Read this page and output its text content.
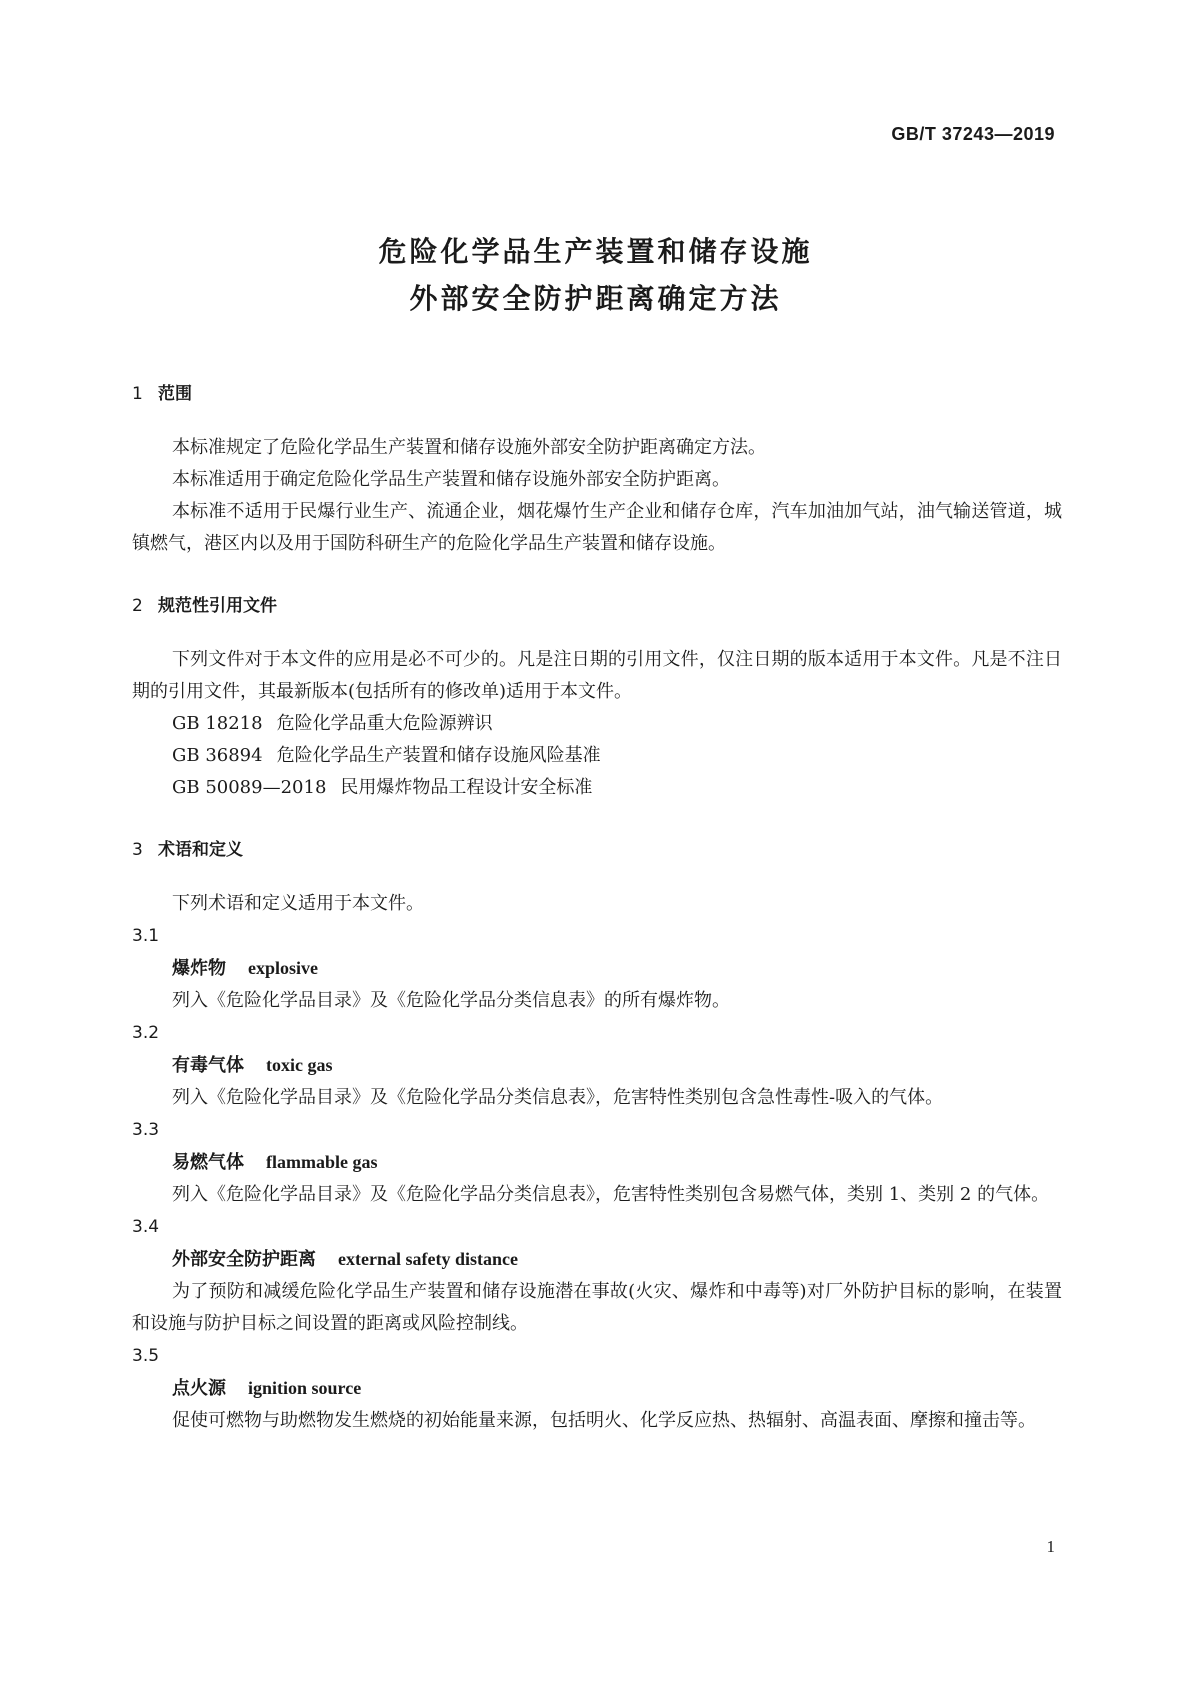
GB/T 37243—2019
危险化学品生产装置和储存设施
外部安全防护距离确定方法
1 范围

本标准规定了危险化学品生产装置和储存设施外部安全防护距离确定方法。

本标准适用于确定危险化学品生产装置和储存设施外部安全防护距离。

本标准不适用于民爆行业生产、流通企业，烟花爆竹生产企业和储存仓库，汽车加油加气站，油气输送管道，城镇燃气，港区内以及用于国防科研生产的危险化学品生产装置和储存设施。

2 规范性引用文件

下列文件对于本文件的应用是必不可少的。凡是注日期的引用文件，仅注日期的版本适用于本文件。凡是不注日期的引用文件，其最新版本(包括所有的修改单)适用于本文件。

GB 18218 危险化学品重大危险源辨识

GB 36894 危险化学品生产装置和储存设施风险基准

GB 50089—2018 民用爆炸物品工程设计安全标准

3 术语和定义

下列术语和定义适用于本文件。

3.1

爆炸物 explosive

列入《危险化学品目录》及《危险化学品分类信息表》的所有爆炸物。

3.2

有毒气体 toxic gas

列入《危险化学品目录》及《危险化学品分类信息表》，危害特性类别包含急性毒性-吸入的气体。

3.3

易燃气体 flammable gas

列入《危险化学品目录》及《危险化学品分类信息表》，危害特性类别包含易燃气体，类别 1、类别 2 的气体。

3.4

外部安全防护距离 external safety distance

为了预防和减缓危险化学品生产装置和储存设施潜在事故(火灾、爆炸和中毒等)对厂外防护目标的影响，在装置和设施与防护目标之间设置的距离或风险控制线。

3.5

点火源 ignition source

促使可燃物与助燃物发生燃烧的初始能量来源，包括明火、化学反应热、热辐射、高温表面、摩擦和撞击等。

1
